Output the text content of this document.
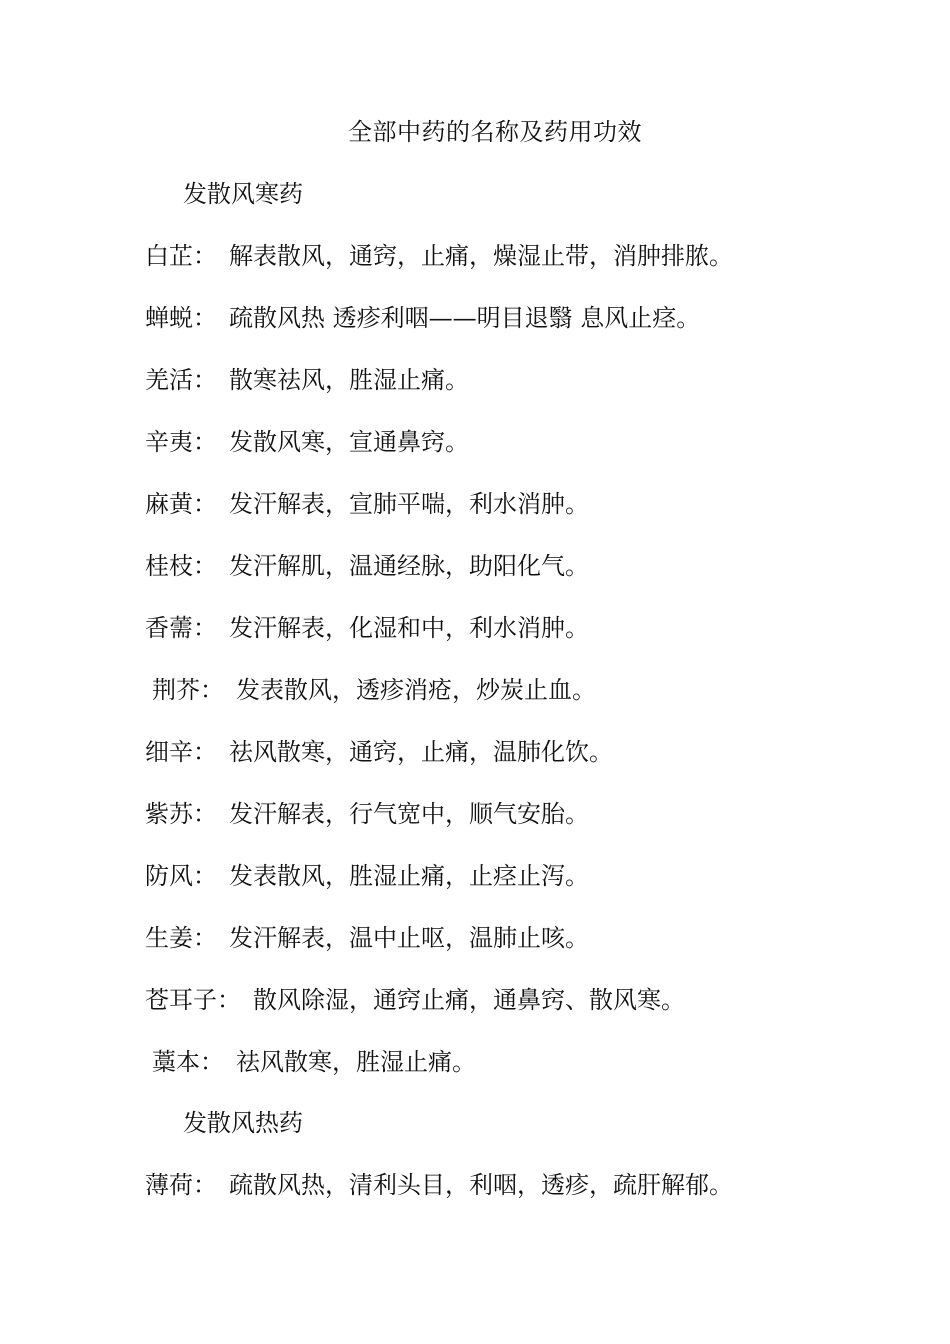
全部中药的名称及药用功效
发散风寒药
白芷： 解表散风，通窍，止痛，燥湿止带，消肿排脓。
蝉蜕： 疏散风热 透疹利咽——明目退翳 息风止痉。
羌活： 散寒祛风，胜湿止痛。
辛夷： 发散风寒，宣通鼻窍。
麻黄： 发汗解表，宣肺平喘，利水消肿。
桂枝： 发汗解肌，温通经脉，助阳化气。
香薷： 发汗解表，化湿和中，利水消肿。
荆芥： 发表散风，透疹消疮，炒炭止血。
细辛： 祛风散寒，通窍，止痛，温肺化饮。
紫苏： 发汗解表，行气宽中，顺气安胎。
防风： 发表散风，胜湿止痛，止痉止泻。
生姜： 发汗解表，温中止呕，温肺止咳。
苍耳子： 散风除湿，通窍止痛，通鼻窍、散风寒。
藁本： 祛风散寒，胜湿止痛。
发散风热药
薄荷： 疏散风热，清利头目，利咽，透疹，疏肝解郁。
